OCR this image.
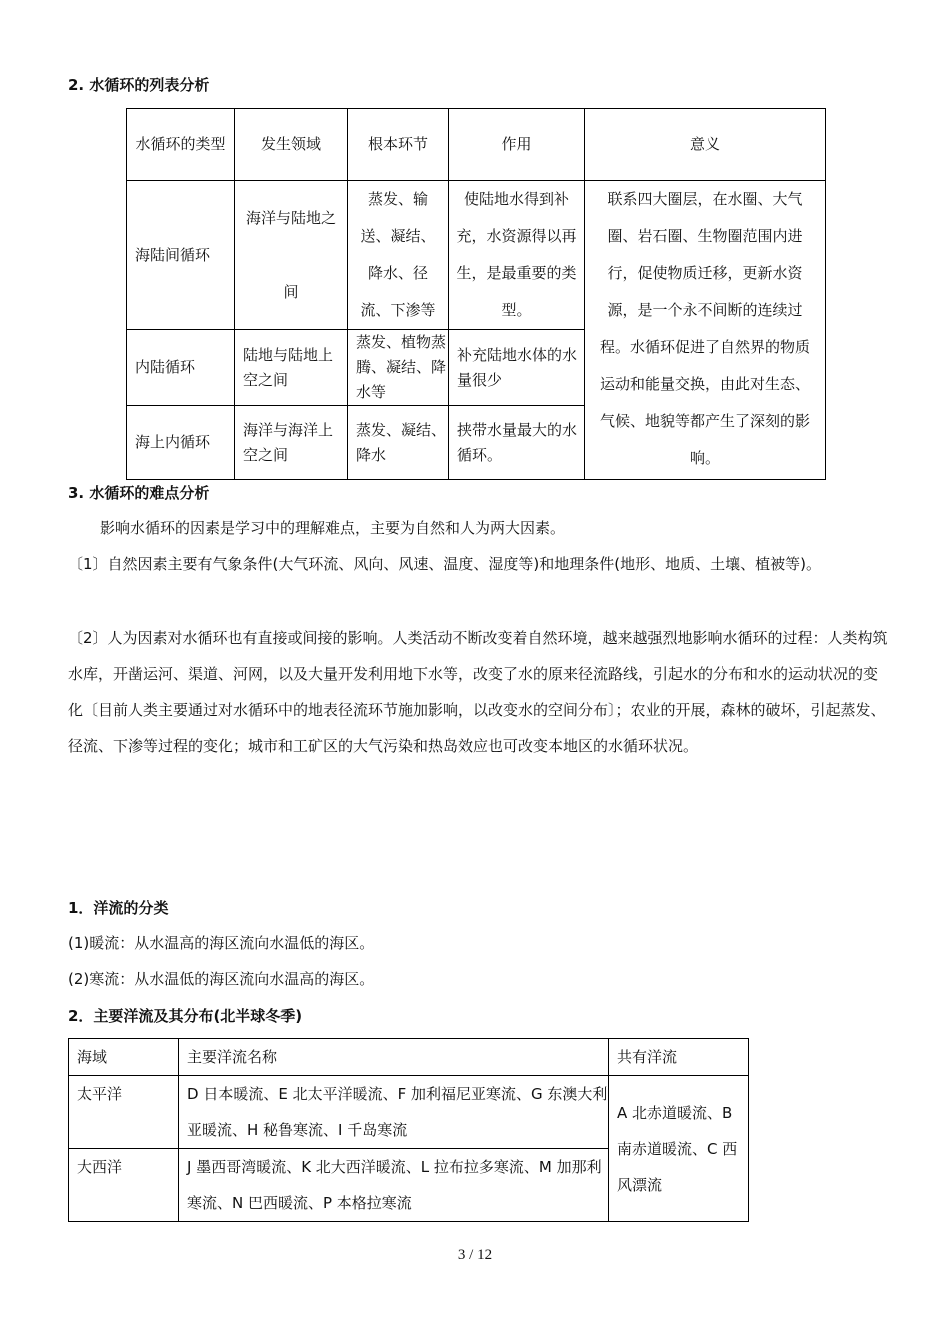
2. 水循环的列表分析
水循环的类型	发生领域	根本环节	作用	意义
海陆间循环	海洋与陆地之间	蒸发、输送、凝结、降水、径流、下渗等	使陆地水得到补充，水资源得以再生，是最重要的类型。	联系四大圈层，在水圈、大气圈、岩石圈、生物圈范围内进行，促使物质迁移，更新水资源，是一个永不间断的连续过程。水循环促进了自然界的物质运动和能量交换，由此对生态、气候、地貌等都产生了深刻的影响。

内陆循环	陆地与陆地上空之间	蒸发、植物蒸腾、凝结、降水等	补充陆地水体的水量很少	
海上内循环	海洋与海洋上空之间	蒸发、凝结、降水	挟带水量最大的水循环。	
3. 水循环的难点分析
影响水循环的因素是学习中的理解难点，主要为自然和人为两大因素。
〔1〕自然因素主要有气象条件(大气环流、风向、风速、温度、湿度等)和地理条件(地形、地质、土壤、植被等)。
〔2〕人为因素对水循环也有直接或间接的影响。人类活动不断改变着自然环境，越来越强烈地影响水循环的过程：人类构筑水库，开凿运河、渠道、河网，以及大量开发利用地下水等，改变了水的原来径流路线，引起水的分布和水的运动状况的变化〔目前人类主要通过对水循环中的地表径流环节施加影响，以改变水的空间分布〕；农业的开展，森林的破坏，引起蒸发、径流、下渗等过程的变化；城市和工矿区的大气污染和热岛效应也可改变本地区的水循环状况。
1．洋流的分类
(1)暖流：从水温高的海区流向水温低的海区。
(2)寒流：从水温低的海区流向水温高的海区。
2．主要洋流及其分布(北半球冬季)
海域	主要洋流名称	共有洋流
太平洋	D 日本暖流、E 北太平洋暖流、F 加利福尼亚寒流、G 东澳大利亚暖流、H 秘鲁寒流、I 千岛寒流	A 北赤道暖流、B 南赤道暖流、C 西风漂流
大西洋	J 墨西哥湾暖流、K 北大西洋暖流、L 拉布拉多寒流、M 加那利寒流、N 巴西暖流、P 本格拉寒流	
3 / 12
